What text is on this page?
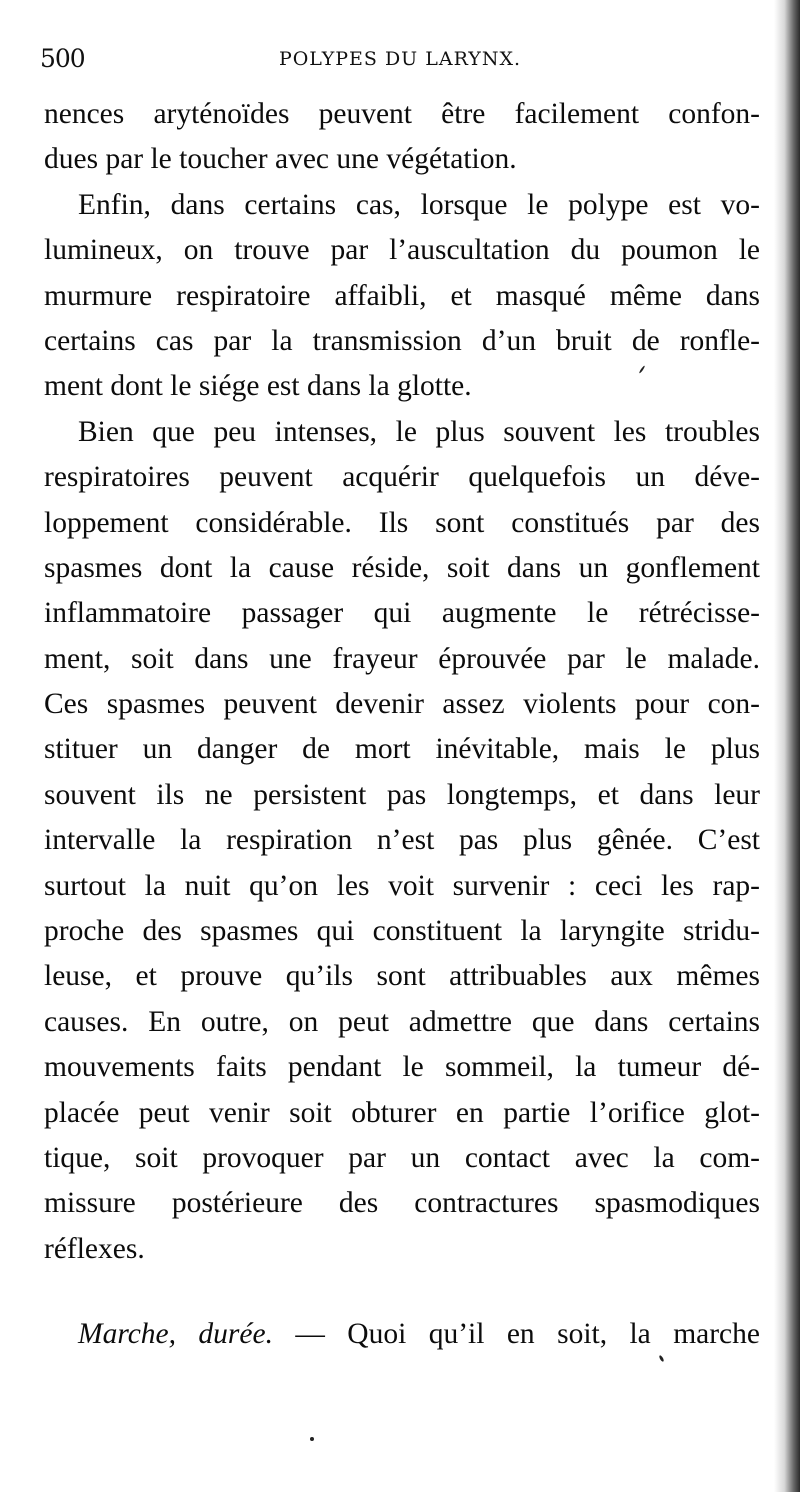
500	POLYPES DU LARYNX.
nences aryténoïdes peuvent être facilement confon-
dues par le toucher avec une végétation.
Enfin, dans certains cas, lorsque le polype est vo-
lumineux, on trouve par l’auscultation du poumon le
murmure respiratoire affaibli, et masqué même dans
certains cas par la transmission d’un bruit de ronfle-
ment dont le siége est dans la glotte.
Bien que peu intenses, le plus souvent les troubles
respiratoires peuvent acquérir quelquefois un déve-
loppement considérable. Ils sont constitués par des
spasmes dont la cause réside, soit dans un gonflement
inflammatoire passager qui augmente le rétrécisse-
ment, soit dans une frayeur éprouvée par le malade.
Ces spasmes peuvent devenir assez violents pour con-
stituer un danger de mort inévitable, mais le plus
souvent ils ne persistent pas longtemps, et dans leur
intervalle la respiration n’est pas plus gênée. C’est
surtout la nuit qu’on les voit survenir : ceci les rap-
proche des spasmes qui constituent la laryngite stridu-
leuse, et prouve qu’ils sont attribuables aux mêmes
causes. En outre, on peut admettre que dans certains
mouvements faits pendant le sommeil, la tumeur dé-
placée peut venir soit obturer en partie l’orifice glot-
tique, soit provoquer par un contact avec la com-
missure postérieure des contractures spasmodiques
réflexes.
Marche, durée. — Quoi qu’il en soit, la marche
